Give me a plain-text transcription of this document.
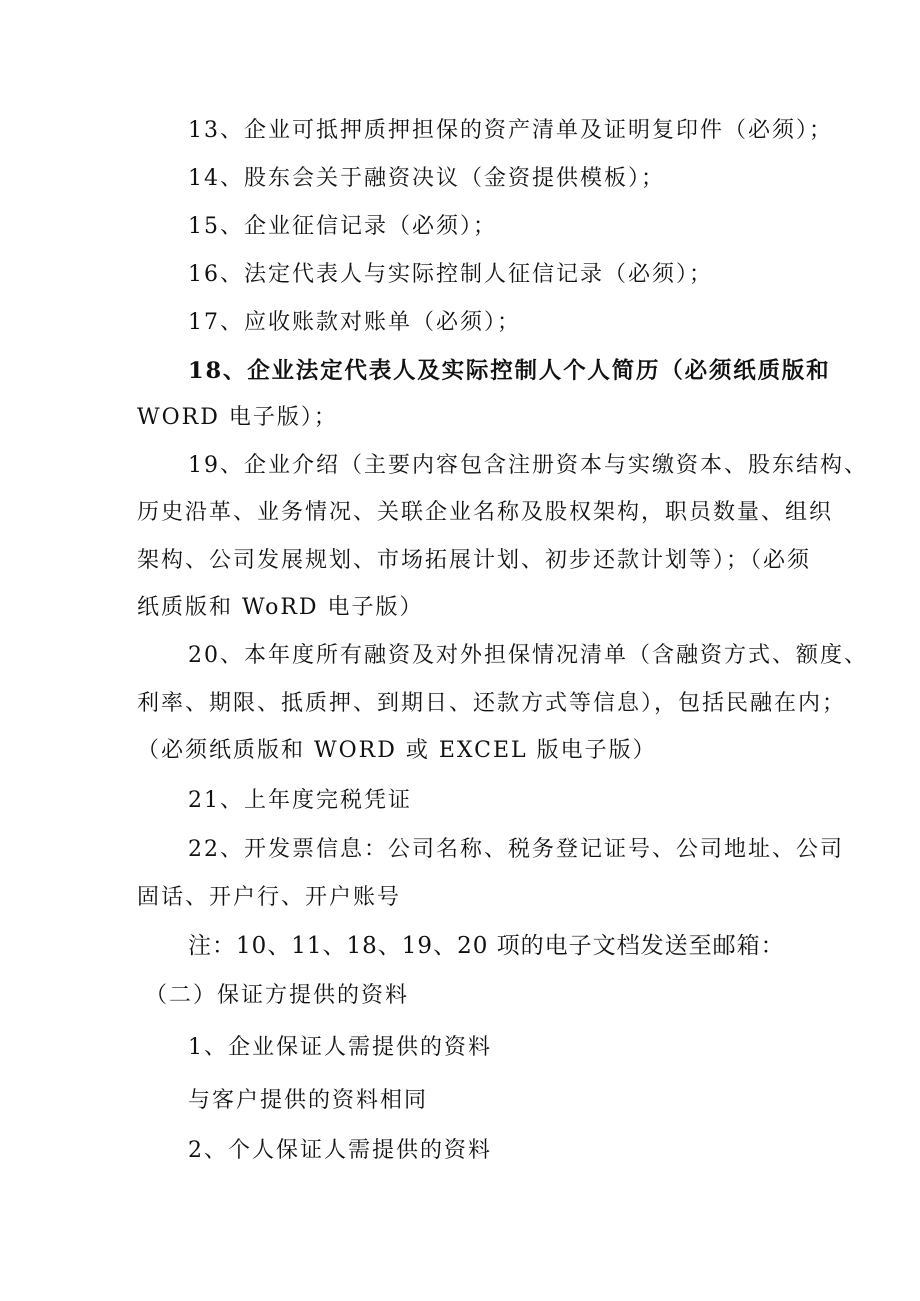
13、企业可抵押质押担保的资产清单及证明复印件（必须）；
14、股东会关于融资决议（金资提供模板）；
15、企业征信记录（必须）；
16、法定代表人与实际控制人征信记录（必须）；
17、应收账款对账单（必须）；
18、企业法定代表人及实际控制人个人简历（必须纸质版和
WORD 电子版）；
19、企业介绍（主要内容包含注册资本与实缴资本、股东结构、
历史沿革、业务情况、关联企业名称及股权架构，职员数量、组织
架构、公司发展规划、市场拓展计划、初步还款计划等）；（必须
纸质版和 WoRD 电子版）
20、本年度所有融资及对外担保情况清单（含融资方式、额度、
利率、期限、抵质押、到期日、还款方式等信息），包括民融在内；
（必须纸质版和 WORD 或 EXCEL 版电子版）
21、上年度完税凭证
22、开发票信息：公司名称、税务登记证号、公司地址、公司
固话、开户行、开户账号
注：10、11、18、19、20 项的电子文档发送至邮箱：
（二）保证方提供的资料
1、企业保证人需提供的资料
与客户提供的资料相同
2、个人保证人需提供的资料
